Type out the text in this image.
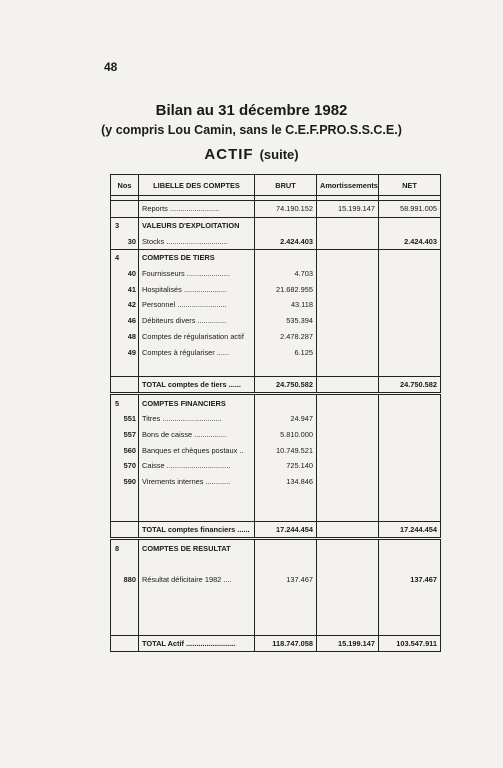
48
Bilan au 31 décembre 1982
(y compris Lou Camin, sans le C.E.F.PRO.S.S.C.E.)
ACTIF (suite)
Nos	LIBELLE DES COMPTES	BRUT	Amortissements	NET

	Reports ........................	74.190.152	15.199.147	58.991.005
3	VALEURS D'EXPLOITATION			
30	Stocks ..............................	2.424.403		2.424.403
4	COMPTES DE TIERS			
40	Fournisseurs .....................	4.703		
41	Hospitalisés .....................	21.682.955		
42	Personnel ........................	43.118		
46	Débiteurs divers ..............	535.394		
48	Comptes de régularisation actif	2.478.287		
49	Comptes à régulariser ......	6.125		

	TOTAL comptes de tiers ......	24.750.582		24.750.582
5	COMPTES FINANCIERS			
551	Titres .............................	24.947		
557	Bons de caisse ................	5.810.000		
560	Banques et chèques postaux ..	10.749.521		
570	Caisse ...............................	725.140		
590	Virements internes ............	134.846		

	TOTAL comptes financiers ......	17.244.454		17.244.454
8	COMPTES DE RESULTAT			

880	Résultat déficitaire 1982 ....	137.467		137.467

	TOTAL Actif ........................	118.747.058	15.199.147	103.547.911
